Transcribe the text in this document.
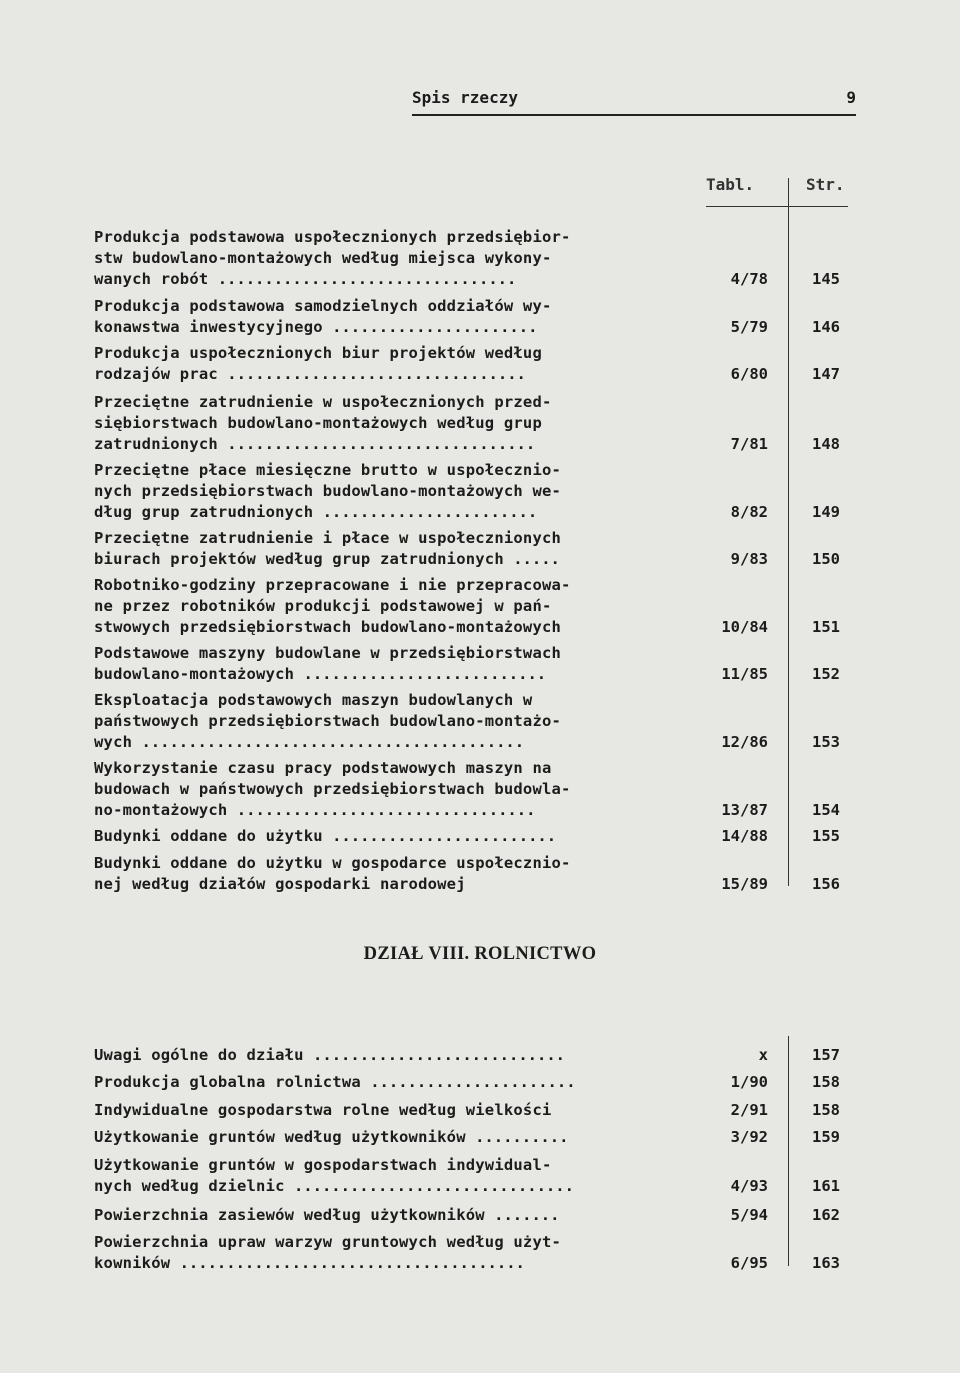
Spis rzeczy	9
Tabl.	Str.
Produkcja podstawowa uspołecznionych przedsiębior-
stw budowlano-montażowych według miejsca wykony-
wanych robót ................................	4/78	145
Produkcja podstawowa samodzielnych oddziałów wy-
konawstwa inwestycyjnego ......................	5/79	146
Produkcja uspołecznionych biur projektów według
rodzajów prac ................................	6/80	147
Przeciętne zatrudnienie w uspołecznionych przed-
siębiorstwach budowlano-montażowych według grup
zatrudnionych .................................	7/81	148
Przeciętne płace miesięczne brutto w uspołecznio-
nych przedsiębiorstwach budowlano-montażowych we-
dług grup zatrudnionych .......................	8/82	149
Przeciętne zatrudnienie i płace w uspołecznionych
biurach projektów według grup zatrudnionych .....	9/83	150
Robotniko-godziny przepracowane i nie przepracowa-
ne przez robotników produkcji podstawowej w pań-
stwowych przedsiębiorstwach budowlano-montażowych	10/84	151
Podstawowe maszyny budowlane w przedsiębiorstwach
budowlano-montażowych ..........................	11/85	152
Eksploatacja podstawowych maszyn budowlanych w
państwowych przedsiębiorstwach budowlano-montażo-
wych .........................................	12/86	153
Wykorzystanie czasu pracy podstawowych maszyn na
budowach w państwowych przedsiębiorstwach budowla-
no-montażowych ................................	13/87	154
Budynki oddane do użytku ........................	14/88	155
Budynki oddane do użytku w gospodarce uspołecznio-
nej według działów gospodarki narodowej	15/89	156
DZIAŁ VIII. ROLNICTWO
Uwagi ogólne do działu ...........................	x	157
Produkcja globalna rolnictwa ......................	1/90	158
Indywidualne gospodarstwa rolne według wielkości	2/91	158
Użytkowanie gruntów według użytkowników ..........	3/92	159
Użytkowanie gruntów w gospodarstwach indywidual-
nych według dzielnic ..............................	4/93	161
Powierzchnia zasiewów według użytkowników .......	5/94	162
Powierzchnia upraw warzyw gruntowych według użyt-
kowników .....................................	6/95	163
